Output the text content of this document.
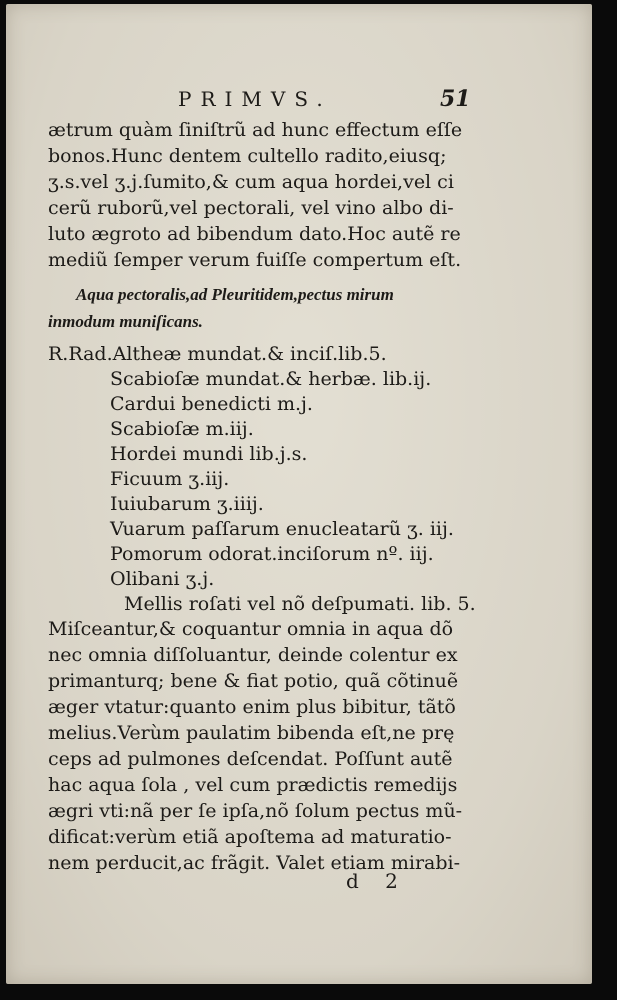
PRIMVS.	51
ætrum quàm ſiniſtrũ ad hunc effectum eſſe
bonos.Hunc dentem cultello radito,eiusq;
ʒ.s.vel ʒ.j.ſumito,& cum aqua hordei,vel ci
cerũ ruborũ,vel pectorali, vel vino albo di-
luto ægroto ad bibendum dato.Hoc autẽ re
mediũ ſemper verum fuiſſe compertum eſt.
Aqua pectoralis,ad Pleuritidem,pectus mirum
inmodum muniſicans.
R.Rad.Altheæ mundat.& inciſ.lib.5.
Scabioſæ mundat.& herbæ. lib.ij.
Cardui benedicti m.j.
Scabioſæ m.iij.
Hordei mundi lib.j.s.
Ficuum ʒ.iij.
Iuiubarum ʒ.iiij.
Vuarum paſſarum enucleatarũ ʒ. iij.
Pomorum odorat.inciſorum nº. iij.
Olibani ʒ.j.
Mellis roſati vel nõ deſpumati. lib. 5.
Miſceantur,& coquantur omnia in aqua dõ
nec omnia diſſoluantur, deinde colentur ex
primanturq; bene & fiat potio, quã cõtinuẽ
æger vtatur:quanto enim plus bibitur, tãtõ
melius.Verùm paulatim bibenda eſt,ne prę
ceps ad pulmones deſcendat. Poſſunt autẽ
hac aqua ſola , vel cum prædictis remedijs
ægri vti:nã per ſe ipſa,nõ ſolum pectus mũ-
dificat:verùm etiã apoſtema ad maturatio-
nem perducit,ac frãgit. Valet etiam mirabi-
d 2
